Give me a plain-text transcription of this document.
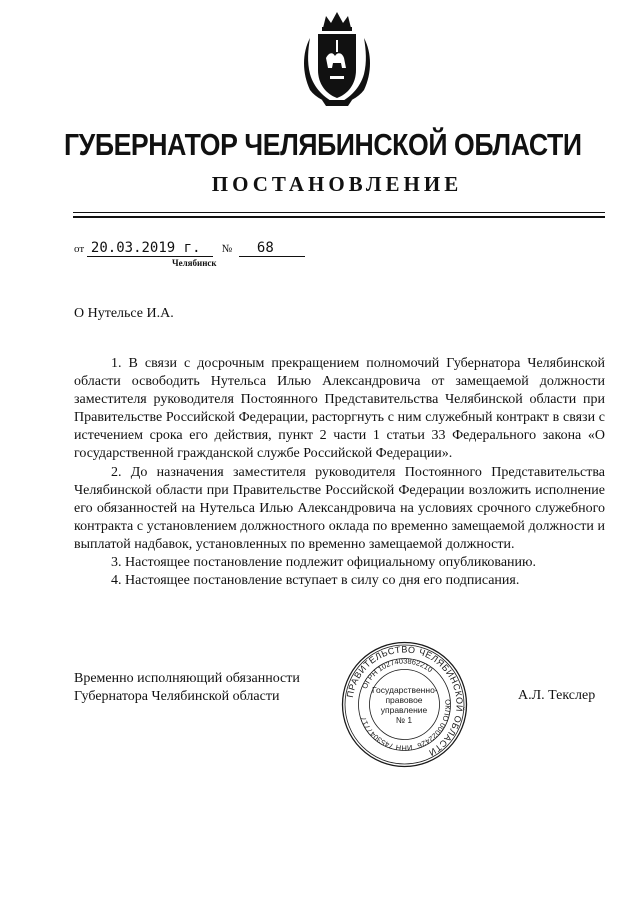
ГУБЕРНАТОР ЧЕЛЯБИНСКОЙ ОБЛАСТИ
ПОСТАНОВЛЕНИЕ
от 20.03.2019 г. № 68
Челябинск
О Нутельсе И.А.

1. В связи с досрочным прекращением полномочий Губернатора Челябинской области освободить Нутельса Илью Александровича от замещаемой должности заместителя руководителя Постоянного Представительства Челябинской области при Правительстве Российской Федерации, расторгнуть с ним служебный контракт в связи с истечением срока его действия, пункт 2 части 1 статьи 33 Федерального закона «О государственной гражданской службе Российской Федерации».

2. До назначения заместителя руководителя Постоянного Представительства Челябинской области при Правительстве Российской Федерации возложить исполнение его обязанностей на Нутельса Илью Александровича на условиях срочного служебного контракта с установлением должностного оклада по временно замещаемой должности и выплатой надбавок, установленных по временно замещаемой должности.

3. Настоящее постановление подлежит официальному опубликованию.

4. Настоящее постановление вступает в силу со дня его подписания.

Временно исполняющий обязанности
Губернатора Челябинской области	ПРАВИТЕЛЬСТВО ЧЕЛЯБИНСКОЙ ОБЛАСТИ
ОГРН 1027403862210
ОКПО 00022426
ИНН 7453047717
Государственно-
правовое
управление
№ 1
А.Л. Текслер
